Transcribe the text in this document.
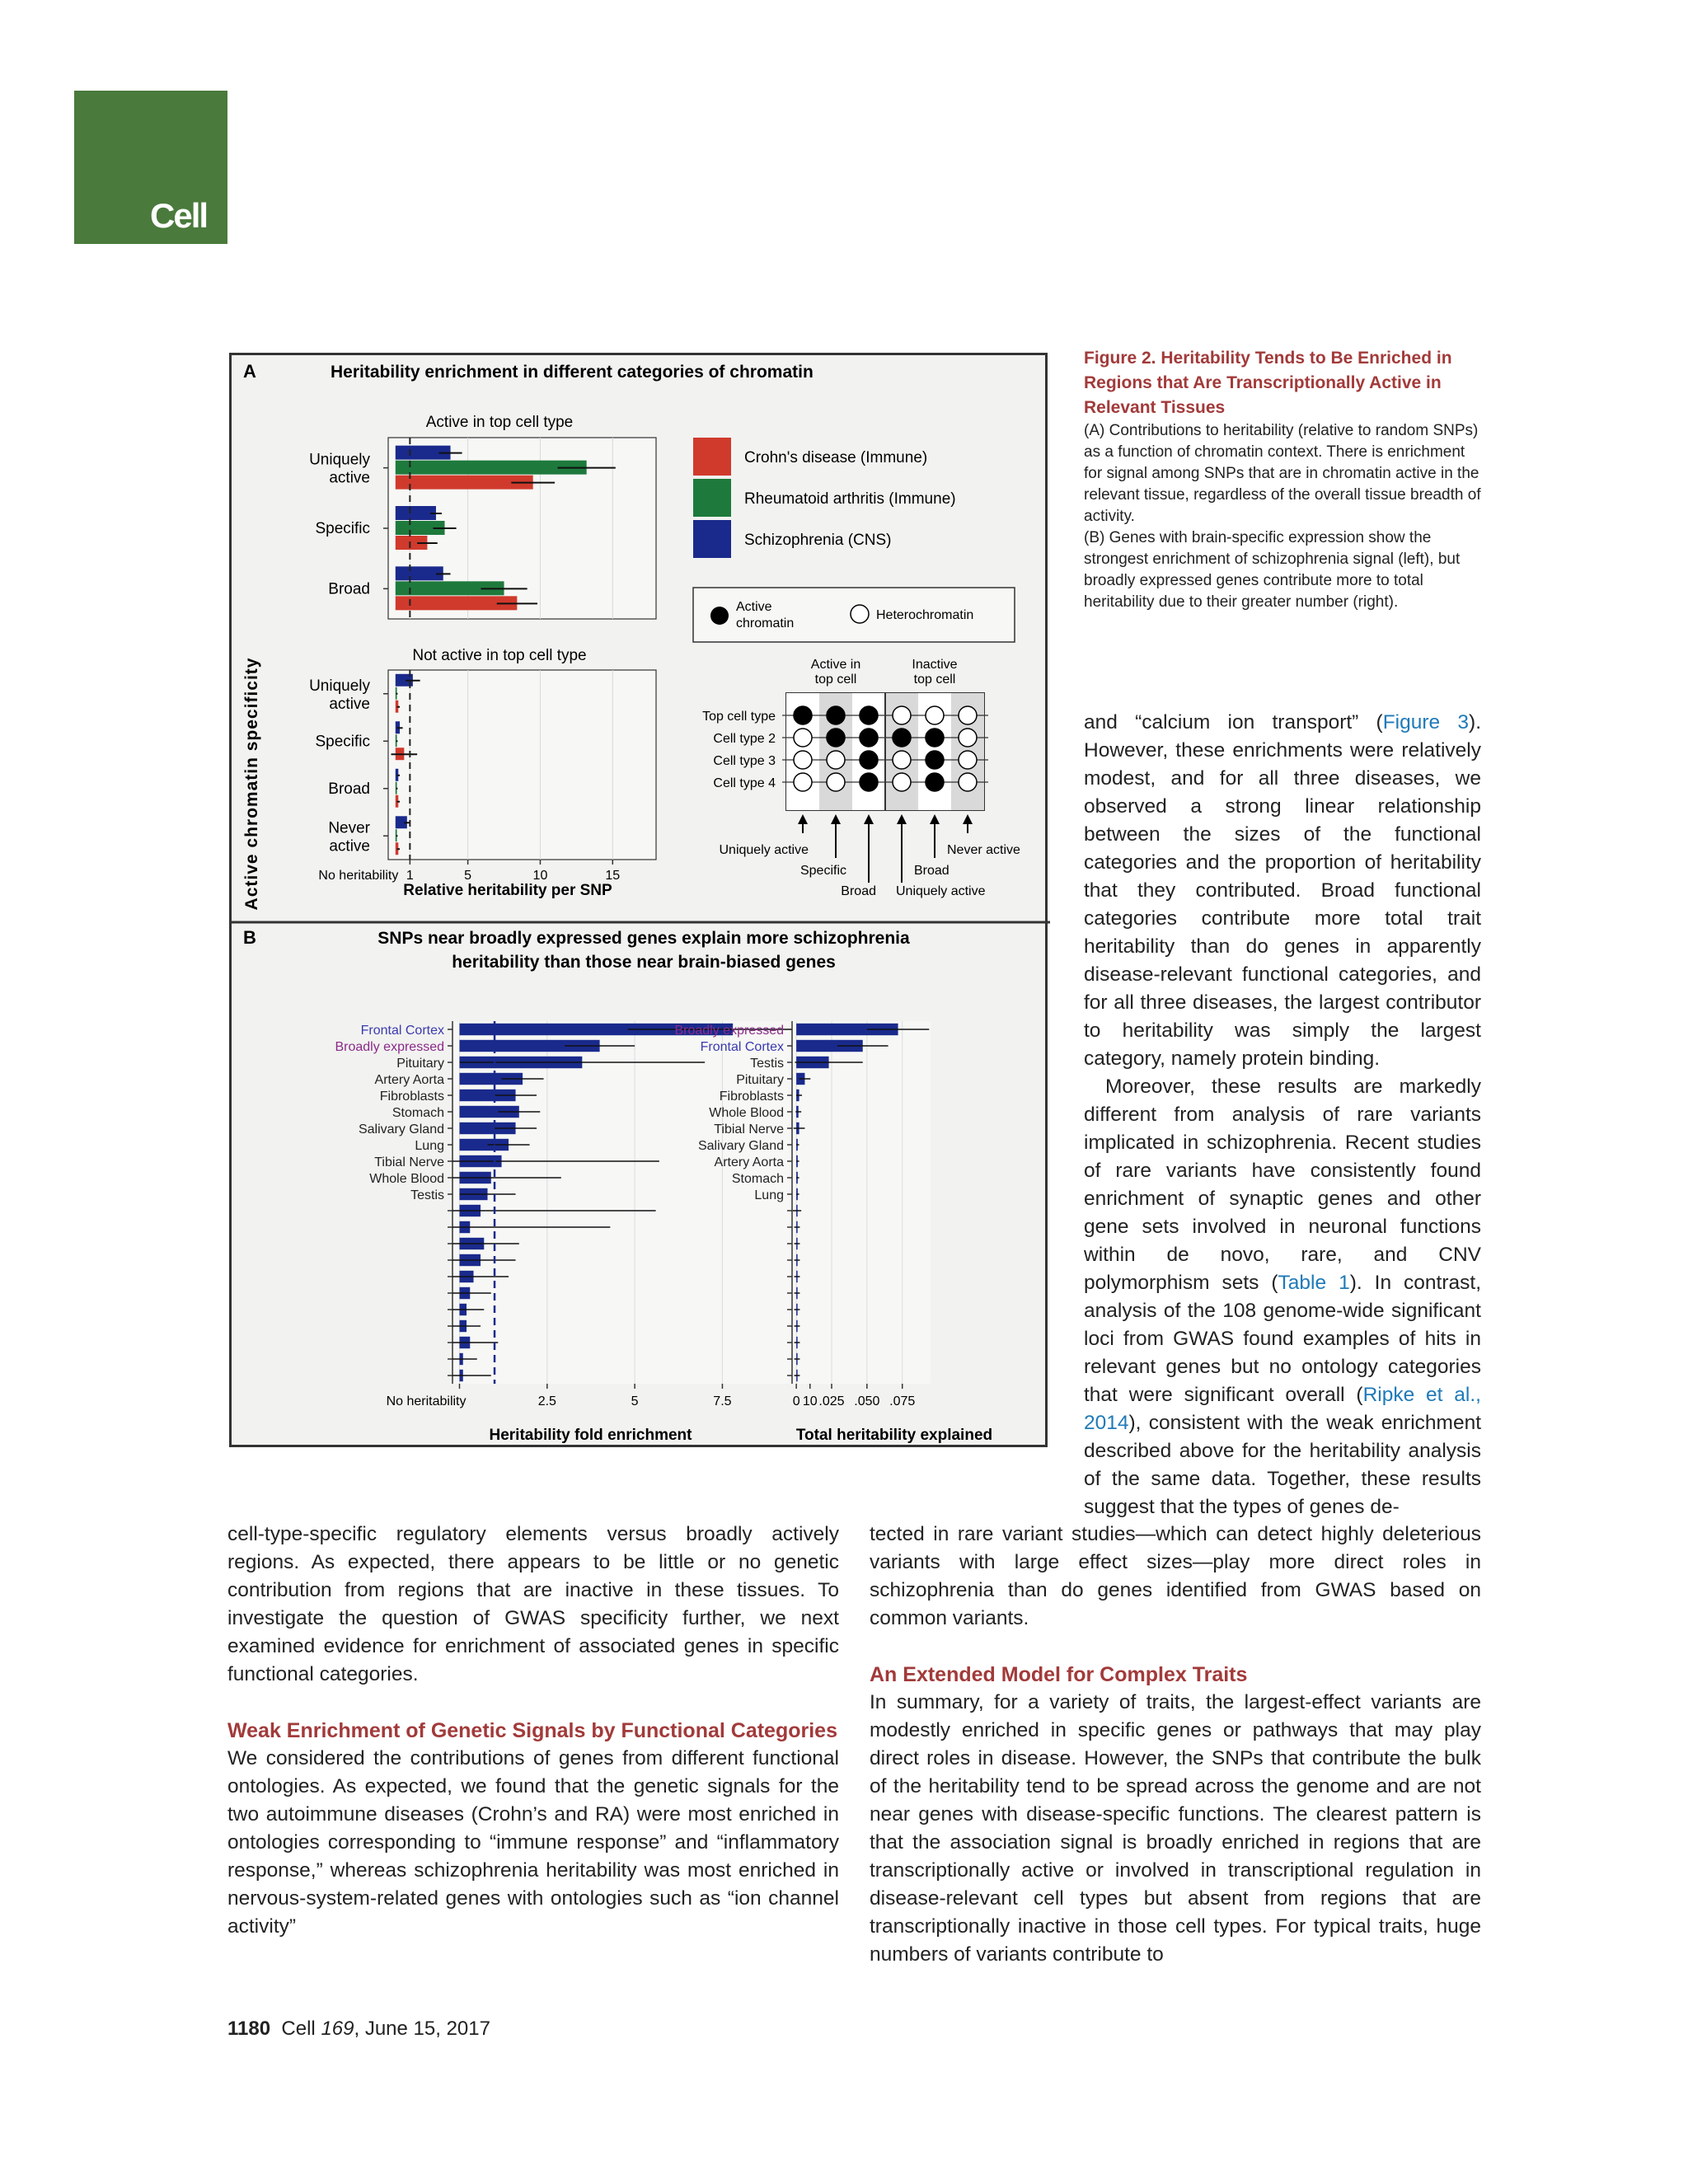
Cell
A	Heritability enrichment in different categories of chromatin
Active chromatin specificity
Active in top cell type
Not active in top cell type
Relative heritability per SNP
Uniquely
active
Specific
Broad
Uniquely
active
Specific
Broad
Never
active
1	5	10	15
No heritability
Crohn's disease (Immune)
Rheumatoid arthritis (Immune)
Schizophrenia (CNS)
Active
chromatin
Heterochromatin
Active in
top cell
Inactive
top cell
Top cell type
Cell type 2
Cell type 3
Cell type 4
Uniquely active
Specific
Broad
Broad
Uniquely active
Never active
B	SNPs near broadly expressed genes explain more schizophrenia
heritability than those near brain-biased genes
Frontal Cortex
Broadly expressed
Pituitary
Artery Aorta
Fibroblasts
Stomach
Salivary Gland
Lung
Tibial Nerve
Whole Blood
Testis
2.5	5	7.5	10
No heritability
Heritability fold enrichment
Broadly expressed
Frontal Cortex
Testis
Pituitary
Fibroblasts
Whole Blood
Tibial Nerve
Salivary Gland
Artery Aorta
Stomach
Lung
0 .025 .050 .075
Total heritability explained
Figure 2. Heritability Tends to Be Enriched in Regions that Are Transcriptionally Active in Relevant Tissues
(A) Contributions to heritability (relative to random SNPs) as a function of chromatin context. There is enrichment for signal among SNPs that are in chromatin active in the relevant tissue, regardless of the overall tissue breadth of activity.
(B) Genes with brain-specific expression show the strongest enrichment of schizophrenia signal (left), but broadly expressed genes contribute more to total heritability due to their greater number (right).

and “calcium ion transport” (Figure 3). However, these enrichments were relatively modest, and for all three diseases, we observed a strong linear relationship between the sizes of the functional categories and the proportion of heritability that they contributed. Broad functional categories contribute more total trait heritability than do genes in apparently disease-relevant functional categories, and for all three diseases, the largest contributor to heritability was simply the largest category, namely protein binding.

Moreover, these results are markedly different from analysis of rare variants implicated in schizophrenia. Recent studies of rare variants have consistently found enrichment of synaptic genes and other gene sets involved in neuronal functions within de novo, rare, and CNV polymorphism sets (Table 1). In contrast, analysis of the 108 genome-wide significant loci from GWAS found examples of hits in relevant genes but no ontology categories that were significant overall (Ripke et al., 2014), consistent with the weak enrichment described above for the heritability analysis of the same data. Together, these results suggest that the types of genes de-

cell-type-specific regulatory elements versus broadly actively regions. As expected, there appears to be little or no genetic contribution from regions that are inactive in these tissues. To investigate the question of GWAS specificity further, we next examined evidence for enrichment of associated genes in specific functional categories.

Weak Enrichment of Genetic Signals by Functional Categories

We considered the contributions of genes from different functional ontologies. As expected, we found that the genetic signals for the two autoimmune diseases (Crohn’s and RA) were most enriched in ontologies corresponding to “immune response” and “inflammatory response,” whereas schizophrenia heritability was most enriched in nervous-system-related genes with ontologies such as “ion channel activity”

tected in rare variant studies—which can detect highly deleterious variants with large effect sizes—play more direct roles in schizophrenia than do genes identified from GWAS based on common variants.

An Extended Model for Complex Traits

In summary, for a variety of traits, the largest-effect variants are modestly enriched in specific genes or pathways that may play direct roles in disease. However, the SNPs that contribute the bulk of the heritability tend to be spread across the genome and are not near genes with disease-specific functions. The clearest pattern is that the association signal is broadly enriched in regions that are transcriptionally active or involved in transcriptional regulation in disease-relevant cell types but absent from regions that are transcriptionally inactive in those cell types. For typical traits, huge numbers of variants contribute to

1180 Cell 169, June 15, 2017
